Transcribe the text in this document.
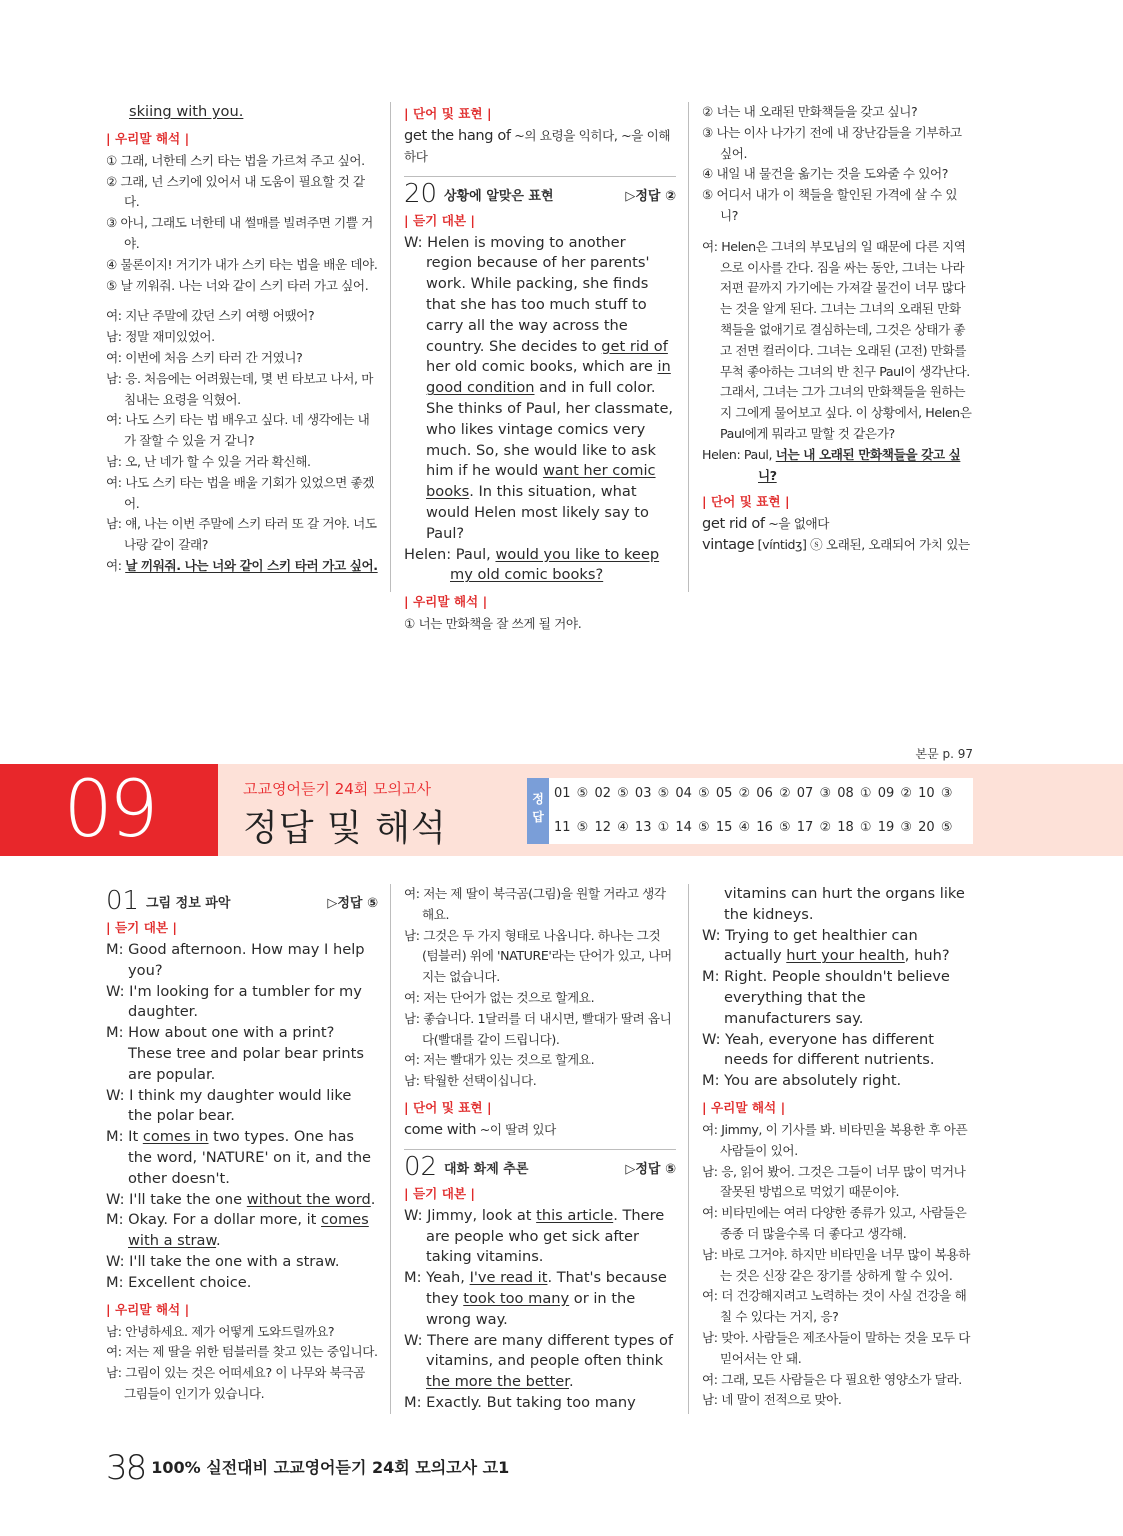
skiing with you.
| 우리말 해석 |
① 그래, 너한테 스키 타는 법을 가르쳐 주고 싶어.
② 그래, 넌 스키에 있어서 내 도움이 필요할 것 같다.
③ 아니, 그래도 너한테 내 썰매를 빌려주면 기쁠 거야.
④ 물론이지! 거기가 내가 스키 타는 법을 배운 데야.
⑤ 날 끼워줘. 나는 너와 같이 스키 타러 가고 싶어.
여: 지난 주말에 갔던 스키 여행 어땠어?
남: 정말 재미있었어.
여: 이번에 처음 스키 타러 간 거였니?
남: 응. 처음에는 어려웠는데, 몇 번 타보고 나서, 마침내는 요령을 익혔어.
여: 나도 스키 타는 법 배우고 싶다. 네 생각에는 내가 잘할 수 있을 거 같니?
남: 오, 난 네가 할 수 있을 거라 확신해.
여: 나도 스키 타는 법을 배울 기회가 있었으면 좋겠어.
남: 얘, 나는 이번 주말에 스키 타러 또 갈 거야. 너도 나랑 같이 갈래?
여: 날 끼워줘. 나는 너와 같이 스키 타러 가고 싶어.
| 단어 및 표현 |
get the hang of ~의 요령을 익히다, ~을 이해하다
20 상황에 알맞은 표현	▷정답 ②
| 듣기 대본 |
W: Helen is moving to another region because of her parents' work. While packing, she finds that she has too much stuff to carry all the way across the country. She decides to get rid of her old comic books, which are in good condition and in full color. She thinks of Paul, her classmate, who likes vintage comics very much. So, she would like to ask him if he would want her comic books. In this situation, what would Helen most likely say to Paul?
Helen: Paul, would you like to keep my old comic books?
| 우리말 해석 |
① 너는 만화책을 잘 쓰게 될 거야.
② 너는 내 오래된 만화책들을 갖고 싶니?
③ 나는 이사 나가기 전에 내 장난감들을 기부하고 싶어.
④ 내일 내 물건을 옮기는 것을 도와줄 수 있어?
⑤ 어디서 내가 이 책들을 할인된 가격에 살 수 있니?
여: Helen은 그녀의 부모님의 일 때문에 다른 지역으로 이사를 간다. 짐을 싸는 동안, 그녀는 나라 저편 끝까지 가기에는 가져갈 물건이 너무 많다는 것을 알게 된다. 그녀는 그녀의 오래된 만화 책들을 없애기로 결심하는데, 그것은 상태가 좋고 전면 컬러이다. 그녀는 오래된 (고전) 만화를 무척 좋아하는 그녀의 반 친구 Paul이 생각난다. 그래서, 그녀는 그가 그녀의 만화책들을 원하는지 그에게 물어보고 싶다. 이 상황에서, Helen은 Paul에게 뭐라고 말할 것 같은가?
Helen: Paul, 너는 내 오래된 만화책들을 갖고 싶니?
| 단어 및 표현 |
get rid of ~을 없애다
vintage [víntidʒ] ⓢ 오래된, 오래되어 가치 있는
본문 p. 97
09	고교영어듣기 24회 모의고사
정답 및 해석
정답
01 ⑤ 02 ⑤ 03 ⑤ 04 ⑤ 05 ② 06 ② 07 ③ 08 ① 09 ② 10 ③
11 ⑤ 12 ④ 13 ① 14 ⑤ 15 ④ 16 ⑤ 17 ② 18 ① 19 ③ 20 ⑤
01 그림 정보 파악	▷정답 ⑤
| 듣기 대본 |
M: Good afternoon. How may I help you?
W: I'm looking for a tumbler for my daughter.
M: How about one with a print? These tree and polar bear prints are popular.
W: I think my daughter would like the polar bear.
M: It comes in two types. One has the word, 'NATURE' on it, and the other doesn't.
W: I'll take the one without the word.
M: Okay. For a dollar more, it comes with a straw.
W: I'll take the one with a straw.
M: Excellent choice.
| 우리말 해석 |
남: 안녕하세요. 제가 어떻게 도와드릴까요?
여: 저는 제 딸을 위한 텀블러를 찾고 있는 중입니다.
남: 그림이 있는 것은 어떠세요? 이 나무와 북극곰 그림들이 인기가 있습니다.
여: 저는 제 딸이 북극곰(그림)을 원할 거라고 생각해요.
남: 그것은 두 가지 형태로 나옵니다. 하나는 그것(텀블러) 위에 'NATURE'라는 단어가 있고, 나머지는 없습니다.
여: 저는 단어가 없는 것으로 할게요.
남: 좋습니다. 1달러를 더 내시면, 빨대가 딸려 옵니다(빨대를 같이 드립니다).
여: 저는 빨대가 있는 것으로 할게요.
남: 탁월한 선택이십니다.
| 단어 및 표현 |
come with ~이 딸려 있다
02 대화 화제 추론	▷정답 ⑤
| 듣기 대본 |
W: Jimmy, look at this article. There are people who get sick after taking vitamins.
M: Yeah, I've read it. That's because they took too many or in the wrong way.
W: There are many different types of vitamins, and people often think the more the better.
M: Exactly. But taking too many
vitamins can hurt the organs like the kidneys.
W: Trying to get healthier can actually hurt your health, huh?
M: Right. People shouldn't believe everything that the manufacturers say.
W: Yeah, everyone has different needs for different nutrients.
M: You are absolutely right.
| 우리말 해석 |
여: Jimmy, 이 기사를 봐. 비타민을 복용한 후 아픈 사람들이 있어.
남: 응, 읽어 봤어. 그것은 그들이 너무 많이 먹거나 잘못된 방법으로 먹었기 때문이야.
여: 비타민에는 여러 다양한 종류가 있고, 사람들은 종종 더 많을수록 더 좋다고 생각해.
남: 바로 그거야. 하지만 비타민을 너무 많이 복용하는 것은 신장 같은 장기를 상하게 할 수 있어.
여: 더 건강해지려고 노력하는 것이 사실 건강을 해칠 수 있다는 거지, 응?
남: 맞아. 사람들은 제조사들이 말하는 것을 모두 다 믿어서는 안 돼.
여: 그래, 모든 사람들은 다 필요한 영양소가 달라.
남: 네 말이 전적으로 맞아.
38 100% 실전대비 고교영어듣기 24회 모의고사 고1
